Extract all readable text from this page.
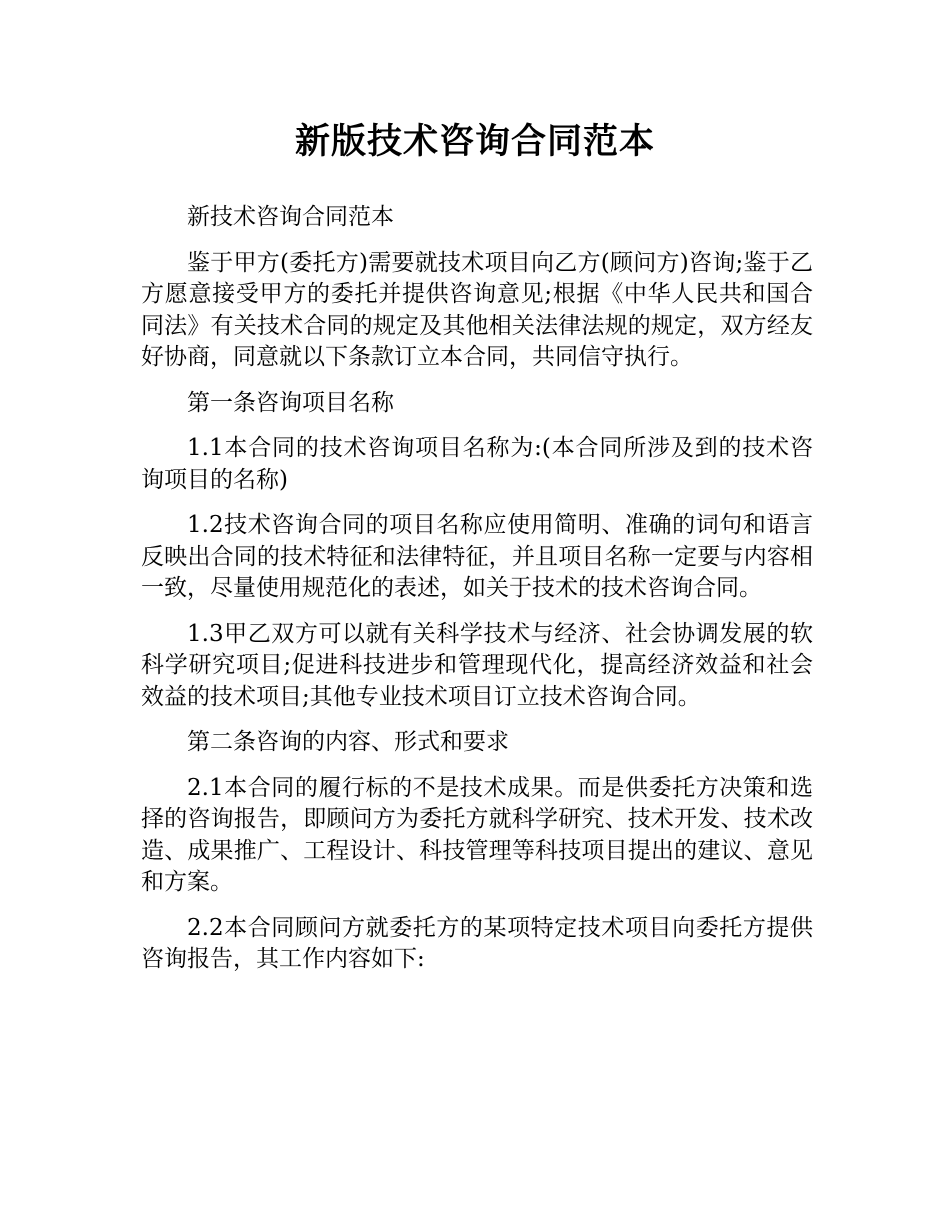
新版技术咨询合同范本

新技术咨询合同范本

鉴于甲方(委托方)需要就技术项目向乙方(顾问方)咨询;鉴于乙方愿意接受甲方的委托并提供咨询意见;根据《中华人民共和国合同法》有关技术合同的规定及其他相关法律法规的规定，双方经友好协商，同意就以下条款订立本合同，共同信守执行。

第一条咨询项目名称

1.1本合同的技术咨询项目名称为:(本合同所涉及到的技术咨询项目的名称)

1.2技术咨询合同的项目名称应使用简明、准确的词句和语言反映出合同的技术特征和法律特征，并且项目名称一定要与内容相一致，尽量使用规范化的表述，如关于技术的技术咨询合同。

1.3甲乙双方可以就有关科学技术与经济、社会协调发展的软科学研究项目;促进科技进步和管理现代化，提高经济效益和社会效益的技术项目;其他专业技术项目订立技术咨询合同。

第二条咨询的内容、形式和要求

2.1本合同的履行标的不是技术成果。而是供委托方决策和选择的咨询报告，即顾问方为委托方就科学研究、技术开发、技术改造、成果推广、工程设计、科技管理等科技项目提出的建议、意见和方案。

2.2本合同顾问方就委托方的某项特定技术项目向委托方提供咨询报告，其工作内容如下:
